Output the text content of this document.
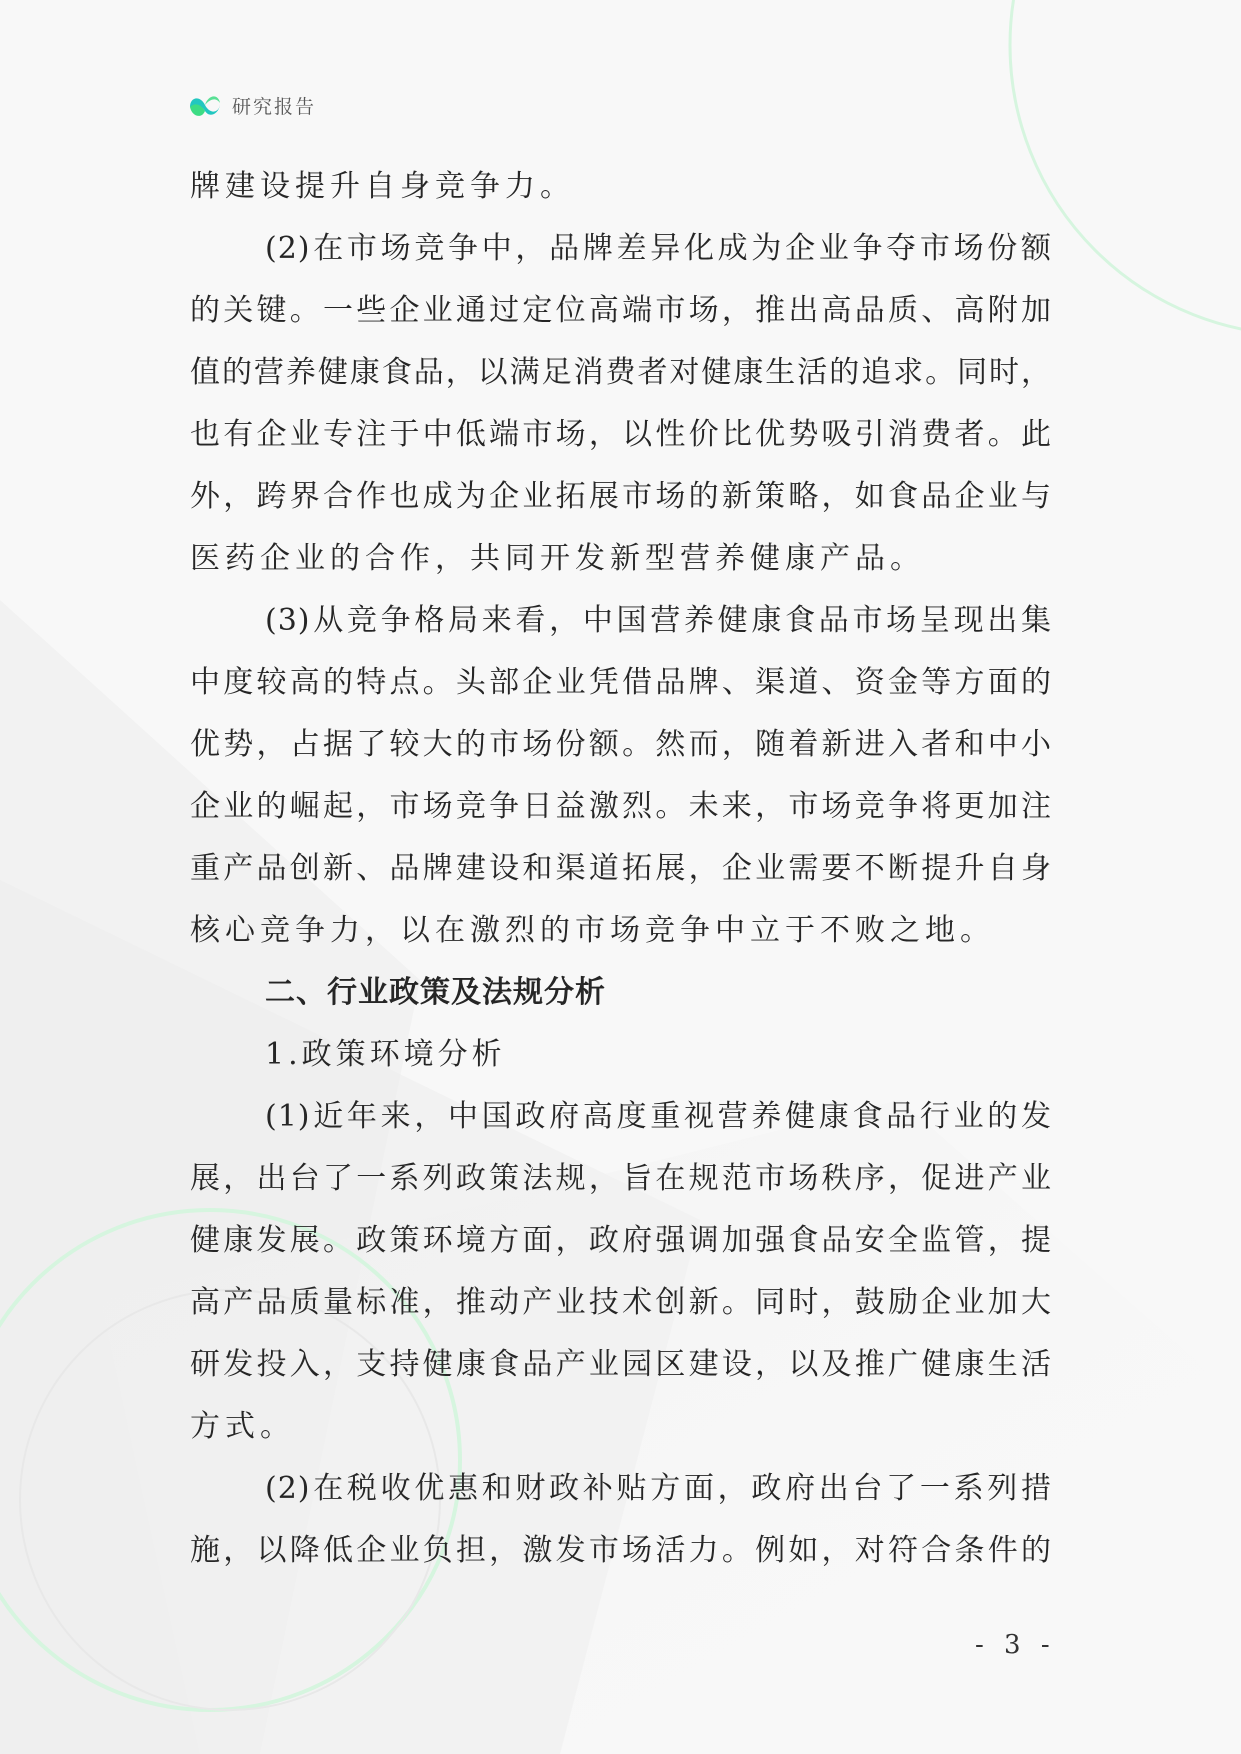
研究报告
牌建设提升自身竞争力。
(2)在市场竞争中，品牌差异化成为企业争夺市场份额
的关键。一些企业通过定位高端市场，推出高品质、高附加
值的营养健康食品，以满足消费者对健康生活的追求。同时，
也有企业专注于中低端市场，以性价比优势吸引消费者。此
外，跨界合作也成为企业拓展市场的新策略，如食品企业与
医药企业的合作，共同开发新型营养健康产品。
(3)从竞争格局来看，中国营养健康食品市场呈现出集
中度较高的特点。头部企业凭借品牌、渠道、资金等方面的
优势，占据了较大的市场份额。然而，随着新进入者和中小
企业的崛起，市场竞争日益激烈。未来，市场竞争将更加注
重产品创新、品牌建设和渠道拓展，企业需要不断提升自身
核心竞争力，以在激烈的市场竞争中立于不败之地。
二、行业政策及法规分析
1.政策环境分析
(1)近年来，中国政府高度重视营养健康食品行业的发
展，出台了一系列政策法规，旨在规范市场秩序，促进产业
健康发展。政策环境方面，政府强调加强食品安全监管，提
高产品质量标准，推动产业技术创新。同时，鼓励企业加大
研发投入，支持健康食品产业园区建设，以及推广健康生活
方式。
(2)在税收优惠和财政补贴方面，政府出台了一系列措
施，以降低企业负担，激发市场活力。例如，对符合条件的
- 3 -
